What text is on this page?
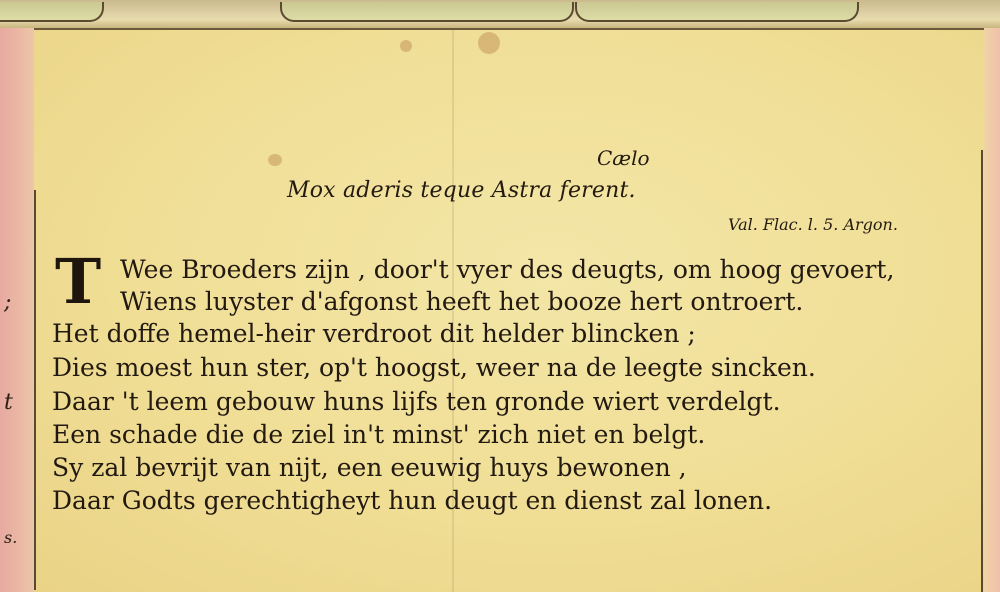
;
t
s.
Cælo
Mox aderis teque Astra ferent.
Val. Flac. l. 5. Argon.
T Wee Broeders zijn , door't vyer des deugts, om hoog gevoert,
Wiens luyster d'afgonst heeft het booze hert ontroert.
Het doffe hemel-heir verdroot dit helder blincken ;
Dies moest hun ster, op't hoogst, weer na de leegte sincken.
Daar 't leem gebouw huns lijfs ten gronde wiert verdelgt.
Een schade die de ziel in't minst' zich niet en belgt.
Sy zal bevrijt van nijt, een eeuwig huys bewonen ,
Daar Godts gerechtigheyt hun deugt en dienst zal lonen.
